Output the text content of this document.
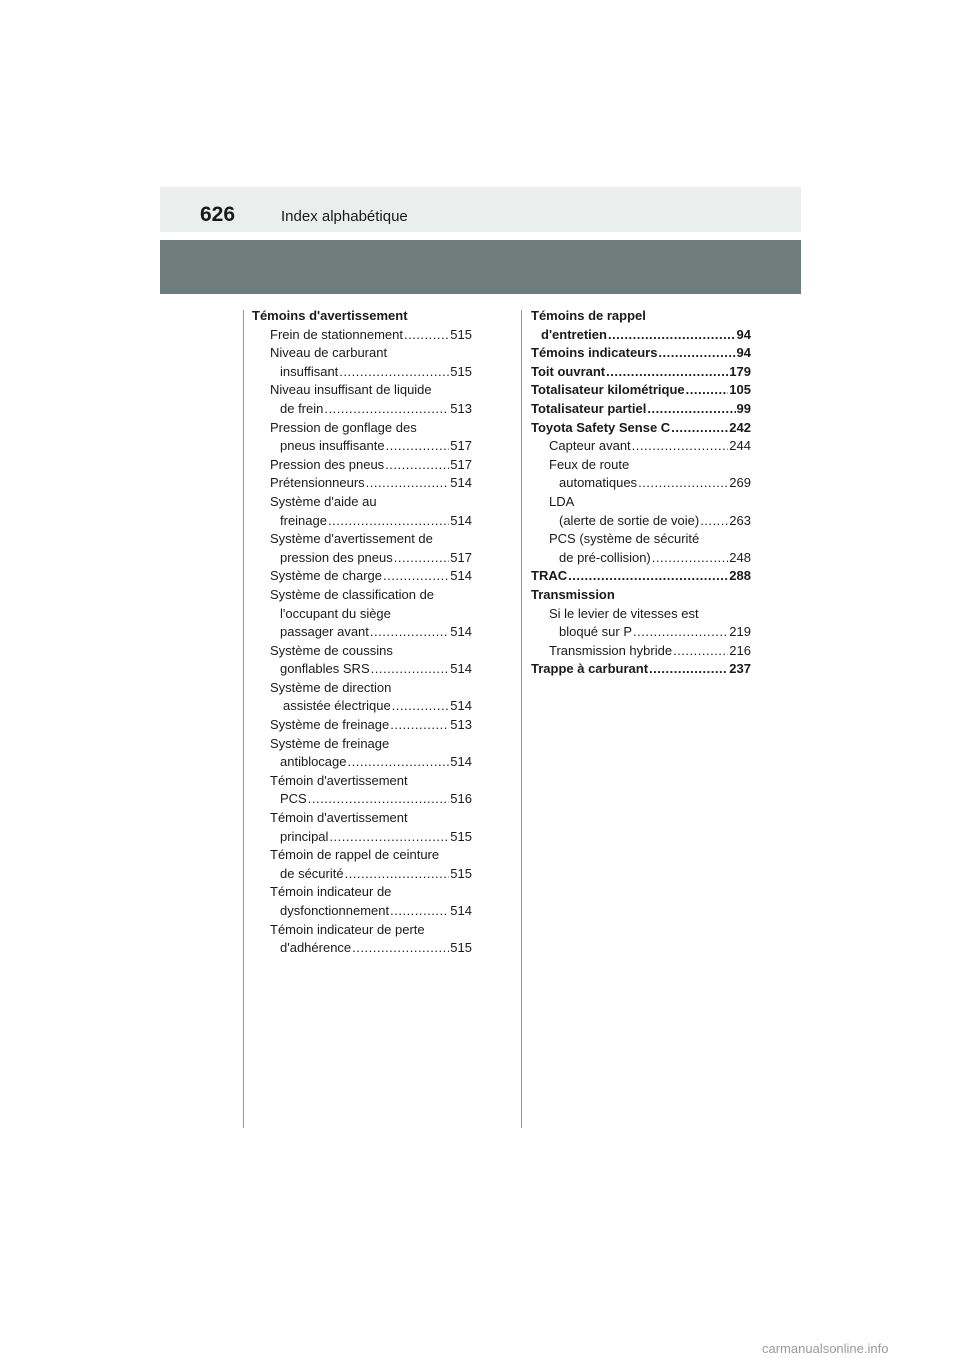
626	Index alphabétique
Témoins d'avertissement
Frein de stationnement .....	515
Niveau de carburant
insuffisant .....	515
Niveau insuffisant de liquide
de frein .....	513
Pression de gonflage des
pneus insuffisante .....	517
Pression des pneus .....	517
Prétensionneurs .....	514
Système d'aide au
freinage .....	514
Système d'avertissement de
pression des pneus .....	517
Système de charge .....	514
Système de classification de
l'occupant du siège
passager avant .....	514
Système de coussins
gonflables SRS .....	514
Système de direction
assistée électrique .....	514
Système de freinage .....	513
Système de freinage
antiblocage .....	514
Témoin d'avertissement
PCS .....	516
Témoin d'avertissement
principal .....	515
Témoin de rappel de ceinture
de sécurité .....	515
Témoin indicateur de
dysfonctionnement .....	514
Témoin indicateur de perte
d'adhérence .....	515
Témoins de rappel
d'entretien .....	94
Témoins indicateurs .....	94
Toit ouvrant .....	179
Totalisateur kilométrique .....	105
Totalisateur partiel .....	99
Toyota Safety Sense C .....	242
Capteur avant .....	244
Feux de route
automatiques .....	269
LDA
(alerte de sortie de voie) ..... 263
PCS (système de sécurité
de pré-collision) .....	248
TRAC .....	288
Transmission
Si le levier de vitesses est
bloqué sur P .....	219
Transmission hybride .....	216
Trappe à carburant .....	237
carmanualsonline.info
